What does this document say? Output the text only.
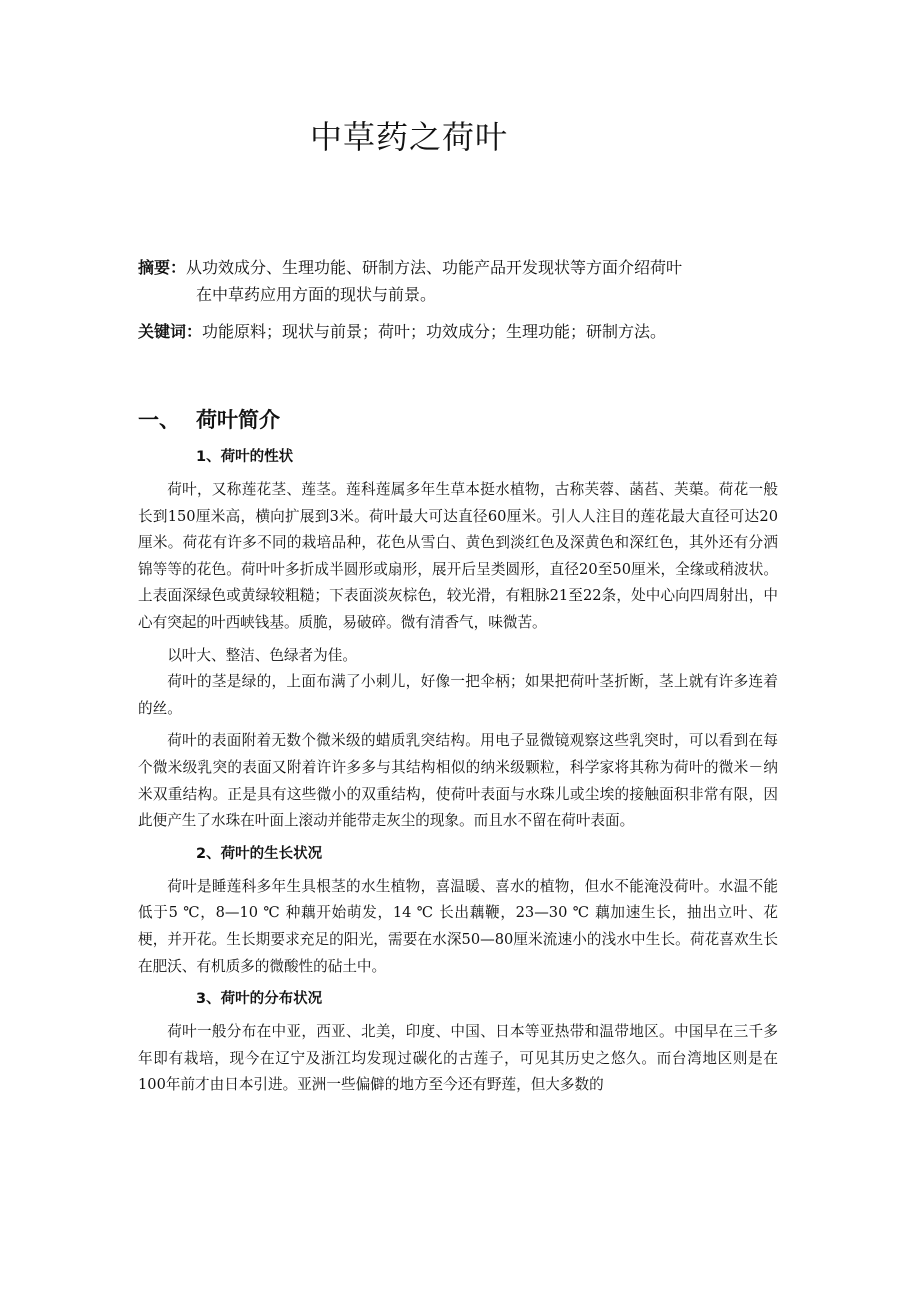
中草药之荷叶
摘要：从功效成分、生理功能、研制方法、功能产品开发现状等方面介绍荷叶
在中草药应用方面的现状与前景。
关键词：功能原料；现状与前景；荷叶；功效成分；生理功能；研制方法。
一、 荷叶简介
1、荷叶的性状

荷叶，又称莲花茎、莲茎。莲科莲属多年生草本挺水植物，古称芙蓉、菡萏、芙蕖。荷花一般长到150厘米高，横向扩展到3米。荷叶最大可达直径60厘米。引人人注目的莲花最大直径可达20厘米。荷花有许多不同的栽培品种，花色从雪白、黄色到淡红色及深黄色和深红色，其外还有分洒锦等等的花色。荷叶叶多折成半圆形或扇形，展开后呈类圆形，直径20至50厘米，全缘或稍波状。上表面深绿色或黄绿较粗糙；下表面淡灰棕色，较光滑，有粗脉21至22条，处中心向四周射出，中心有突起的叶西峡钱基。质脆，易破碎。微有清香气，味微苦。

以叶大、整洁、色绿者为佳。

荷叶的茎是绿的，上面布满了小刺儿，好像一把伞柄；如果把荷叶茎折断，茎上就有许多连着的丝。

荷叶的表面附着无数个微米级的蜡质乳突结构。用电子显微镜观察这些乳突时，可以看到在每个微米级乳突的表面又附着许许多多与其结构相似的纳米级颗粒，科学家将其称为荷叶的微米－纳米双重结构。正是具有这些微小的双重结构，使荷叶表面与水珠儿或尘埃的接触面积非常有限，因此便产生了水珠在叶面上滚动并能带走灰尘的现象。而且水不留在荷叶表面。

2、荷叶的生长状况

荷叶是睡莲科多年生具根茎的水生植物，喜温暖、喜水的植物，但水不能淹没荷叶。水温不能低于5 ℃，8—10 ℃ 种藕开始萌发，14 ℃ 长出藕鞭，23—30 ℃ 藕加速生长，抽出立叶、花梗，并开花。生长期要求充足的阳光，需要在水深50—80厘米流速小的浅水中生长。荷花喜欢生长在肥沃、有机质多的微酸性的砧土中。

3、荷叶的分布状况

荷叶一般分布在中亚，西亚、北美，印度、中国、日本等亚热带和温带地区。中国早在三千多年即有栽培，现今在辽宁及浙江均发现过碳化的古莲子，可见其历史之悠久。而台湾地区则是在100年前才由日本引进。亚洲一些偏僻的地方至今还有野莲，但大多数的
